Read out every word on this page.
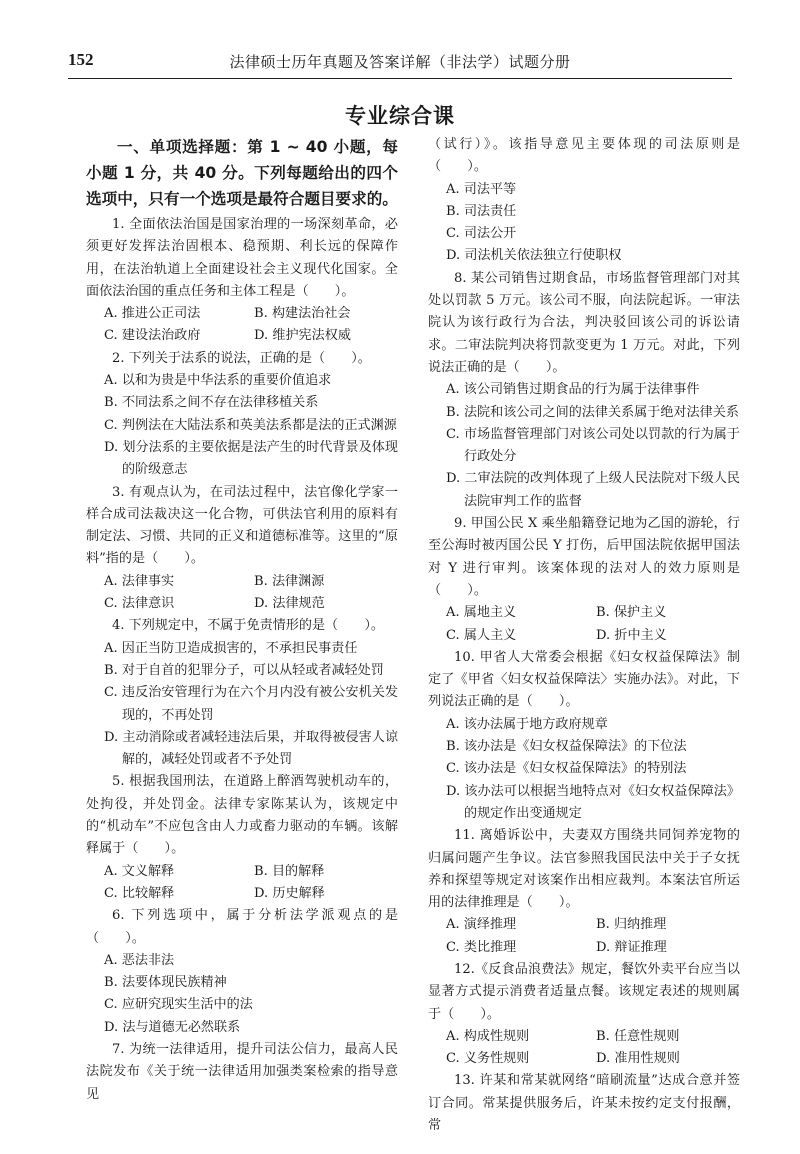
152	法律硕士历年真题及答案详解（非法学）试题分册
专业综合课
一、单项选择题：第 1 ~ 40 小题，每小题 1 分，共 40 分。下列每题给出的四个选项中，只有一个选项是最符合题目要求的。
1. 全面依法治国是国家治理的一场深刻革命，必须更好发挥法治固根本、稳预期、利长远的保障作用，在法治轨道上全面建设社会主义现代化国家。全面依法治国的重点任务和主体工程是（　　）。
A. 推进公正司法	B. 构建法治社会
C. 建设法治政府	D. 维护宪法权威
2. 下列关于法系的说法，正确的是（　　）。
A. 以和为贵是中华法系的重要价值追求
B. 不同法系之间不存在法律移植关系
C. 判例法在大陆法系和英美法系都是法的正式渊源
D. 划分法系的主要依据是法产生的时代背景及体现的阶级意志
3. 有观点认为，在司法过程中，法官像化学家一样合成司法裁决这一化合物，可供法官利用的原料有制定法、习惯、共同的正义和道德标准等。这里的“原料”指的是（　　）。
A. 法律事实	B. 法律渊源
C. 法律意识	D. 法律规范
4. 下列规定中，不属于免责情形的是（　　）。
A. 因正当防卫造成损害的，不承担民事责任
B. 对于自首的犯罪分子，可以从轻或者减轻处罚
C. 违反治安管理行为在六个月内没有被公安机关发现的，不再处罚
D. 主动消除或者减轻违法后果，并取得被侵害人谅解的，减轻处罚或者不予处罚
5. 根据我国刑法，在道路上醉酒驾驶机动车的，处拘役，并处罚金。法律专家陈某认为，该规定中的“机动车”不应包含由人力或畜力驱动的车辆。该解释属于（　　）。
A. 文义解释	B. 目的解释
C. 比较解释	D. 历史解释
6. 下列选项中，属于分析法学派观点的是（　　）。
A. 恶法非法
B. 法要体现民族精神
C. 应研究现实生活中的法
D. 法与道德无必然联系
7. 为统一法律适用，提升司法公信力，最高人民法院发布《关于统一法律适用加强类案检索的指导意见
（试行）》。该指导意见主要体现的司法原则是（　　）。
A. 司法平等
B. 司法责任
C. 司法公开
D. 司法机关依法独立行使职权
8. 某公司销售过期食品，市场监督管理部门对其处以罚款 5 万元。该公司不服，向法院起诉。一审法院认为该行政行为合法，判决驳回该公司的诉讼请求。二审法院判决将罚款变更为 1 万元。对此，下列说法正确的是（　　）。
A. 该公司销售过期食品的行为属于法律事件
B. 法院和该公司之间的法律关系属于绝对法律关系
C. 市场监督管理部门对该公司处以罚款的行为属于行政处分
D. 二审法院的改判体现了上级人民法院对下级人民法院审判工作的监督
9. 甲国公民 X 乘坐船籍登记地为乙国的游轮，行至公海时被丙国公民 Y 打伤，后甲国法院依据甲国法对 Y 进行审判。该案体现的法对人的效力原则是（　　）。
A. 属地主义	B. 保护主义
C. 属人主义	D. 折中主义
10. 甲省人大常委会根据《妇女权益保障法》制定了《甲省〈妇女权益保障法〉实施办法》。对此，下列说法正确的是（　　）。
A. 该办法属于地方政府规章
B. 该办法是《妇女权益保障法》的下位法
C. 该办法是《妇女权益保障法》的特别法
D. 该办法可以根据当地特点对《妇女权益保障法》的规定作出变通规定
11. 离婚诉讼中，夫妻双方围绕共同饲养宠物的归属问题产生争议。法官参照我国民法中关于子女抚养和探望等规定对该案作出相应裁判。本案法官所运用的法律推理是（　　）。
A. 演绎推理	B. 归纳推理
C. 类比推理	D. 辩证推理
12.《反食品浪费法》规定，餐饮外卖平台应当以显著方式提示消费者适量点餐。该规定表述的规则属于（　　）。
A. 构成性规则	B. 任意性规则
C. 义务性规则	D. 准用性规则
13. 许某和常某就网络“暗刷流量”达成合意并签订合同。常某提供服务后，许某未按约定支付报酬，常
